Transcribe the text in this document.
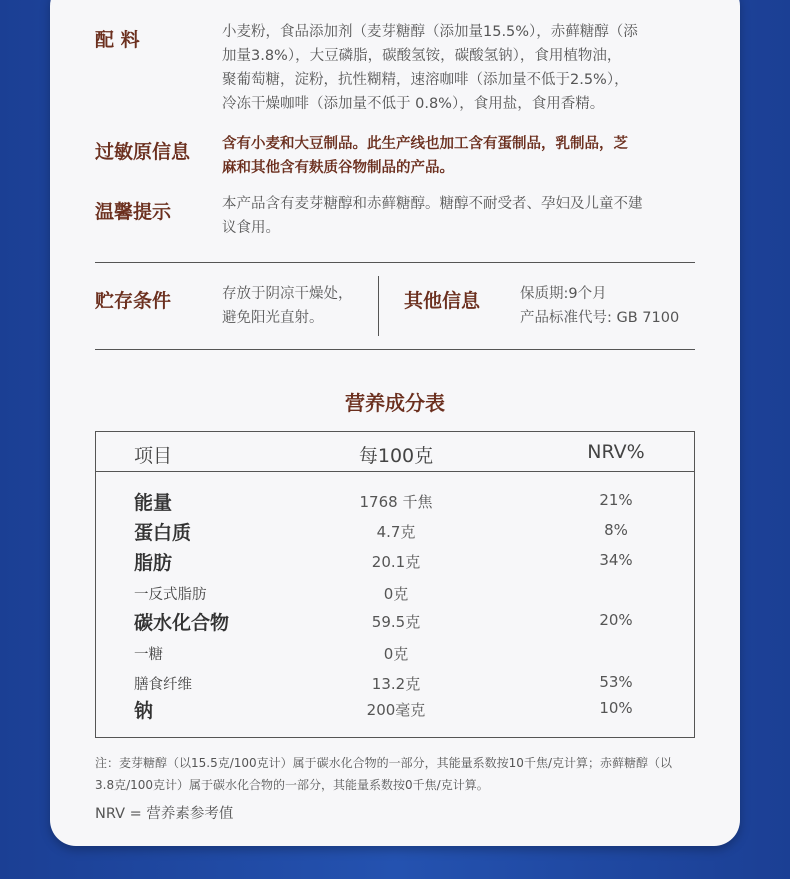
配 料	小麦粉，食品添加剂（麦芽糖醇（添加量15.5%），赤藓糖醇（添
加量3.8%），大豆磷脂，碳酸氢铵，碳酸氢钠），食用植物油，
聚葡萄糖，淀粉，抗性糊精，速溶咖啡（添加量不低于2.5%），
冷冻干燥咖啡（添加量不低于 0.8%），食用盐，食用香精。
过敏原信息 含有小麦和大豆制品。此生产线也加工含有蛋制品，乳制品，芝
麻和其他含有麸质谷物制品的产品。
温馨提示	本产品含有麦芽糖醇和赤藓糖醇。糖醇不耐受者、孕妇及儿童不建
议食用。
贮存条件	存放于阴凉干燥处，
避免阳光直射。
其他信息	保质期:9个月
产品标准代号: GB 7100
营养成分表
项目	每100克	NRV%
能量	1768 千焦	21%
蛋白质	4.7克	8%
脂肪	20.1克	34%
一反式脂肪	0克
碳水化合物	59.5克	20%
一糖	0克
膳食纤维	13.2克	53%
钠	200毫克	10%
注：麦芽糖醇（以15.5克/100克计）属于碳水化合物的一部分，其能量系数按10千焦/克计算；赤藓糖醇（以
3.8克/100克计）属于碳水化合物的一部分，其能量系数按0千焦/克计算。
NRV = 营养素参考值
